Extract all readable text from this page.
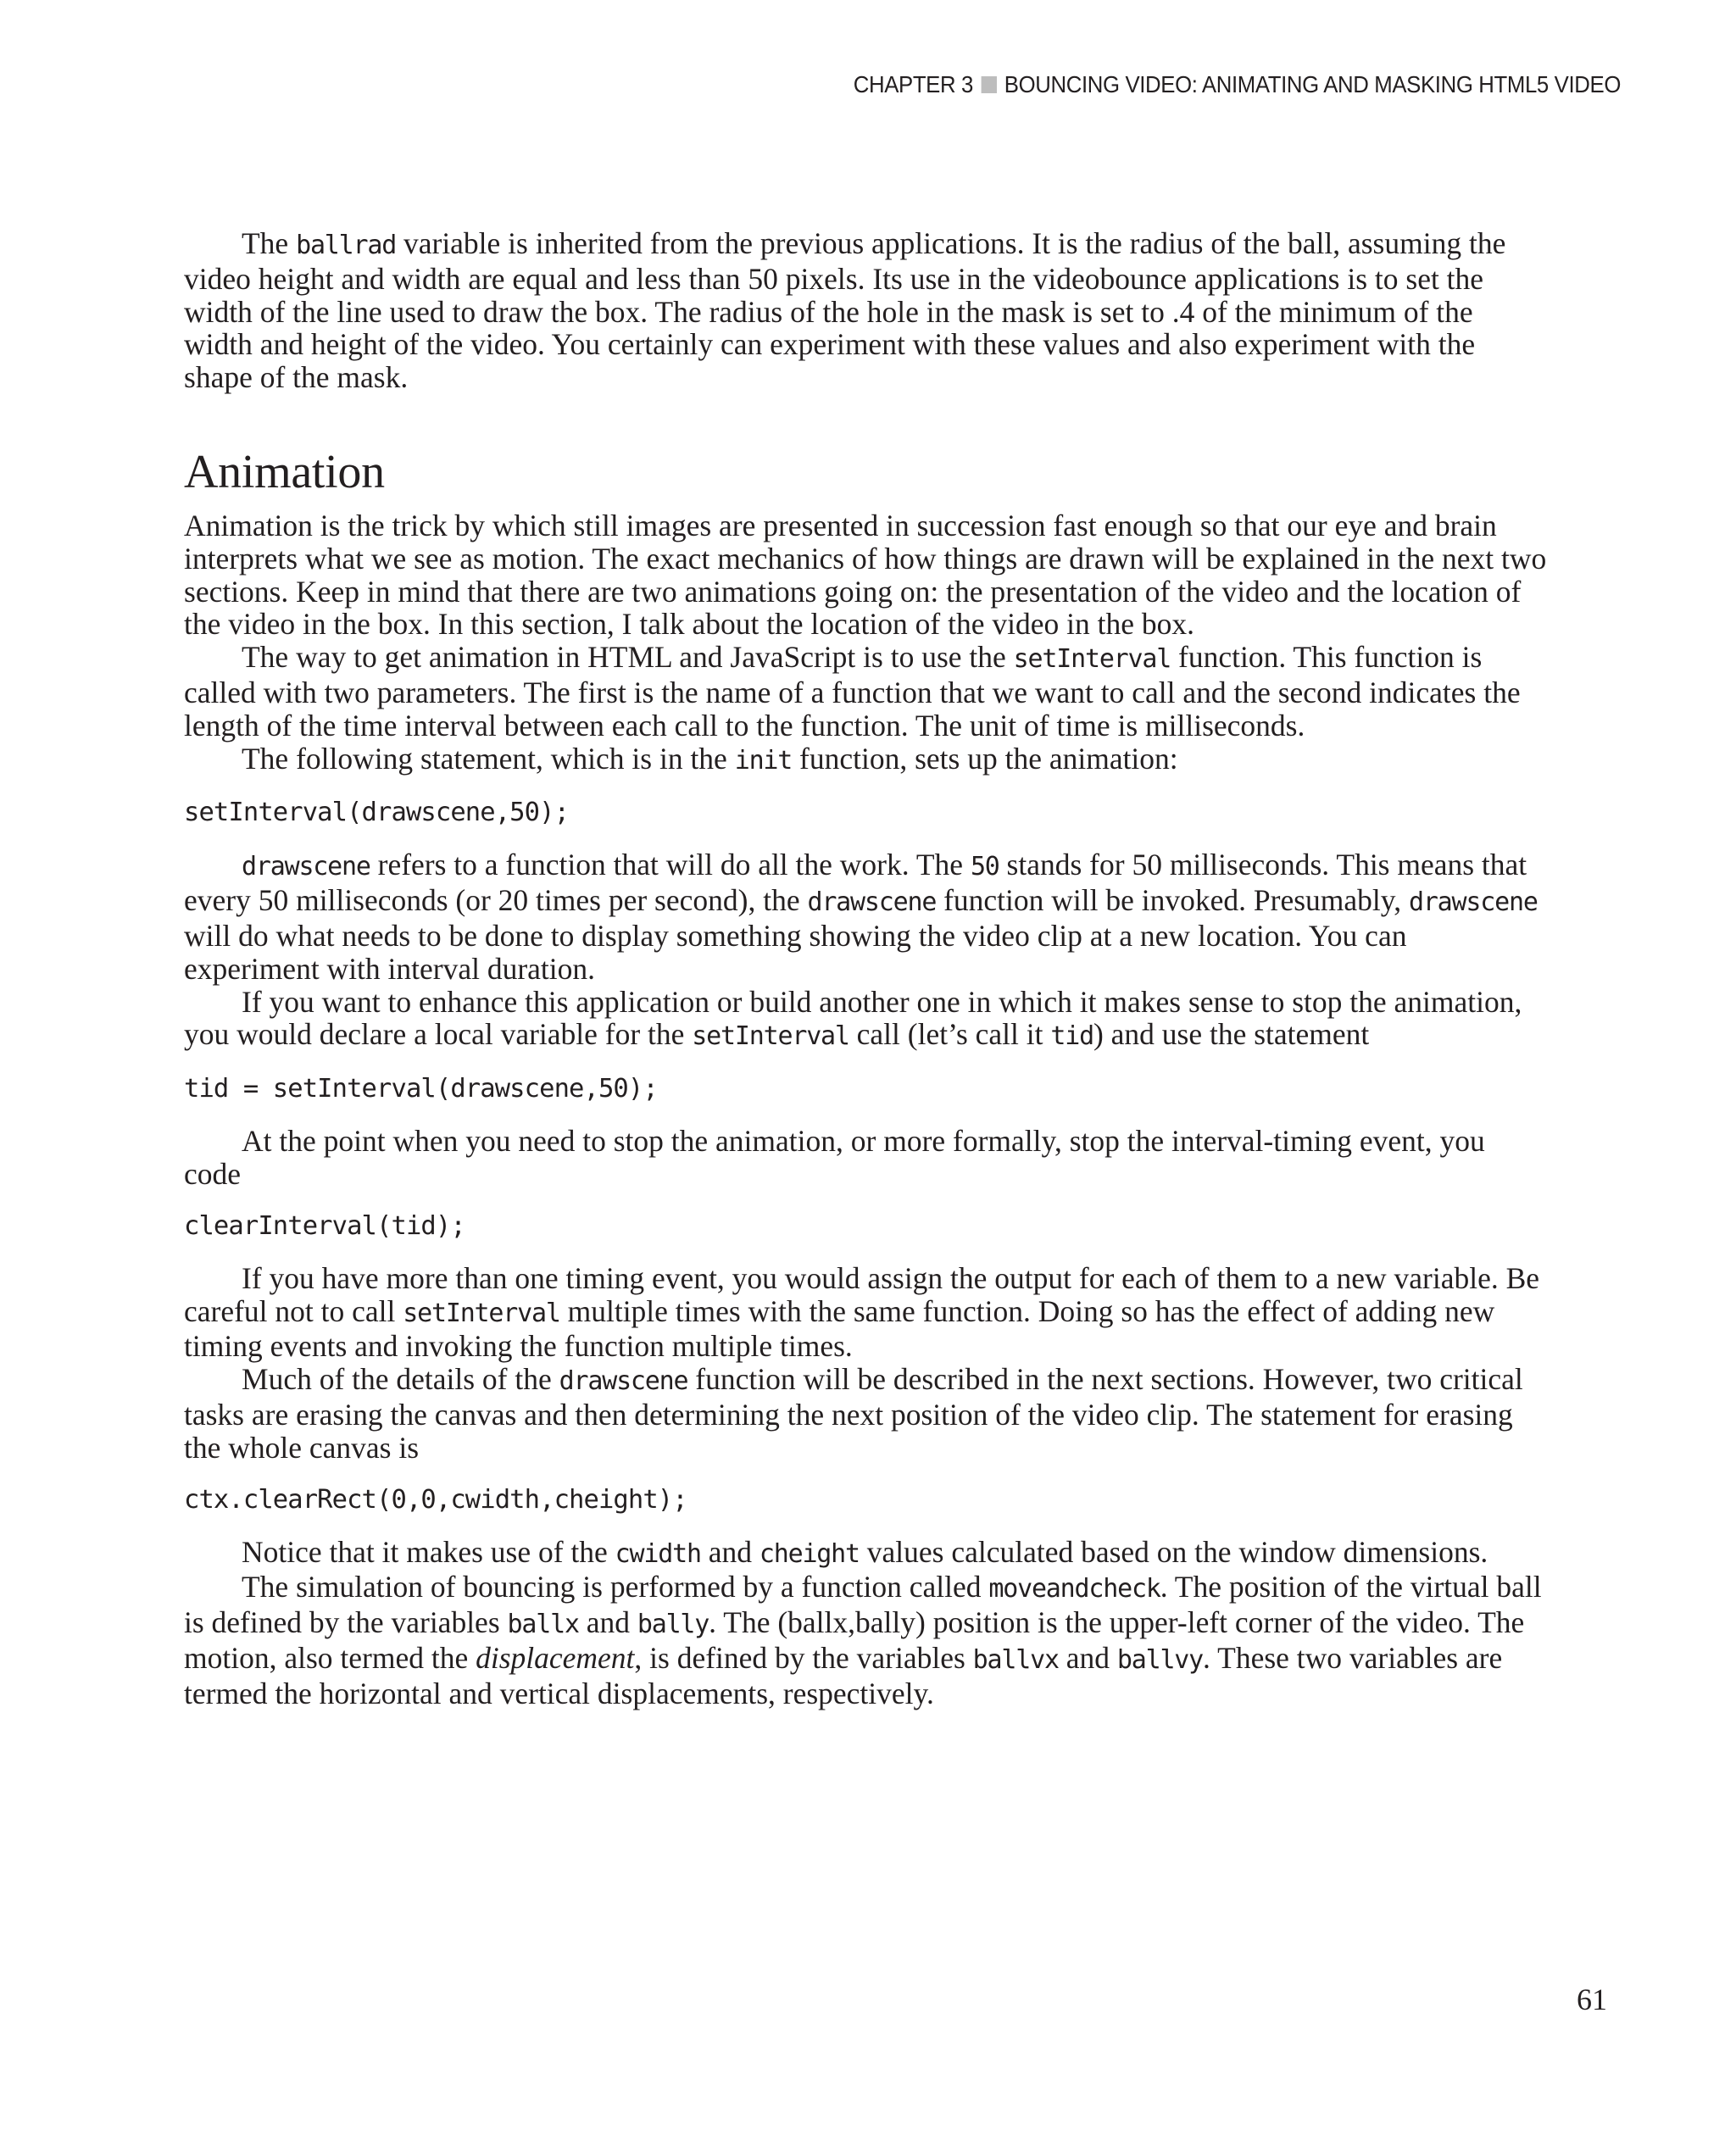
CHAPTER 3 BOUNCING VIDEO: ANIMATING AND MASKING HTML5 VIDEO

The ballrad variable is inherited from the previous applications. It is the radius of the ball, assuming the video height and width are equal and less than 50 pixels. Its use in the videobounce applications is to set the width of the line used to draw the box. The radius of the hole in the mask is set to .4 of the minimum of the width and height of the video. You certainly can experiment with these values and also experiment with the shape of the mask.

Animation

Animation is the trick by which still images are presented in succession fast enough so that our eye and brain interprets what we see as motion. The exact mechanics of how things are drawn will be explained in the next two sections. Keep in mind that there are two animations going on: the presentation of the video and the location of the video in the box. In this section, I talk about the location of the video in the box.

The way to get animation in HTML and JavaScript is to use the setInterval function. This function is called with two parameters. The first is the name of a function that we want to call and the second indicates the length of the time interval between each call to the function. The unit of time is milliseconds.

The following statement, which is in the init function, sets up the animation:

setInterval(drawscene,50);

drawscene refers to a function that will do all the work. The 50 stands for 50 milliseconds. This means that every 50 milliseconds (or 20 times per second), the drawscene function will be invoked. Presumably, drawscene will do what needs to be done to display something showing the video clip at a new location. You can experiment with interval duration.

If you want to enhance this application or build another one in which it makes sense to stop the animation, you would declare a local variable for the setInterval call (let’s call it tid) and use the statement

tid = setInterval(drawscene,50);

At the point when you need to stop the animation, or more formally, stop the interval-timing event, you code

clearInterval(tid);

If you have more than one timing event, you would assign the output for each of them to a new variable. Be careful not to call setInterval multiple times with the same function. Doing so has the effect of adding new timing events and invoking the function multiple times.

Much of the details of the drawscene function will be described in the next sections. However, two critical tasks are erasing the canvas and then determining the next position of the video clip. The statement for erasing the whole canvas is

ctx.clearRect(0,0,cwidth,cheight);

Notice that it makes use of the cwidth and cheight values calculated based on the window dimensions.

The simulation of bouncing is performed by a function called moveandcheck. The position of the virtual ball is defined by the variables ballx and bally. The (ballx,bally) position is the upper-left corner of the video. The motion, also termed the displacement, is defined by the variables ballvx and ballvy. These two variables are termed the horizontal and vertical displacements, respectively.

61
